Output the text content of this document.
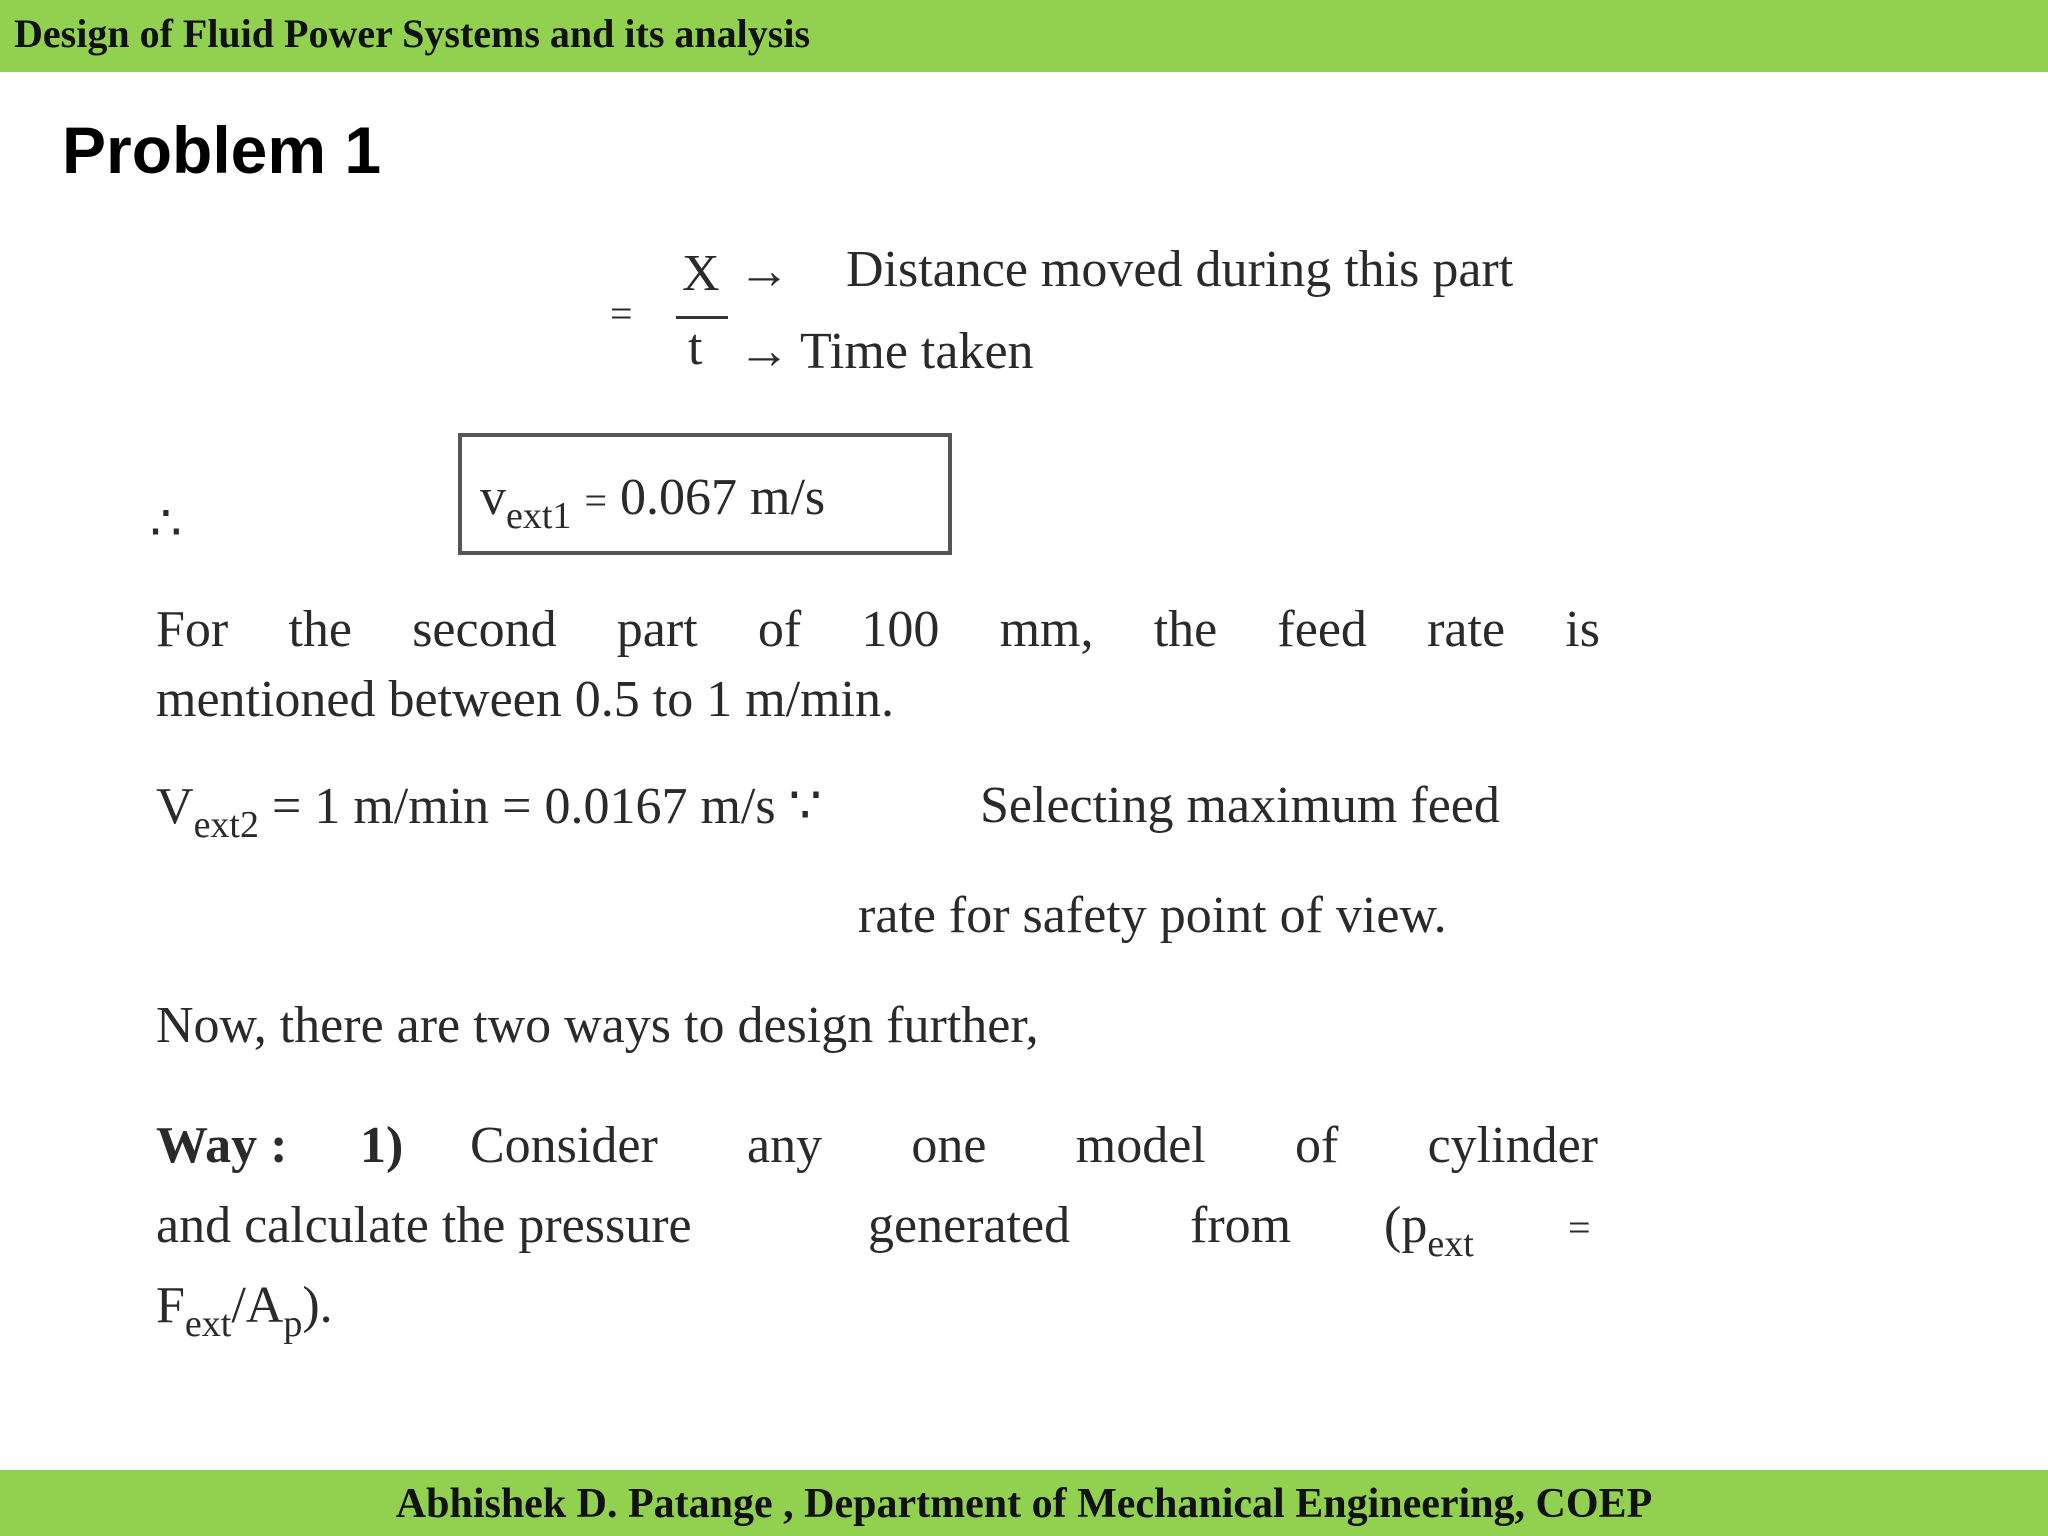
Design of Fluid Power Systems and its analysis
Problem 1
=
X
t
→ Distance moved during this part
→ Time taken
∴	$v_{ext1} = 0.067$ m/s
For the second part of 100 mm, the feed rate is
mentioned between 0.5 to 1 m/min.
$V_{ext2} = 1$ m/min = 0.0167 m/s ∵	Selecting maximum feed
rate for safety point of view.
Now, there are two ways to design further,
Way : 1) Consider any one model of cylinder
and calculate the pressure	generated from ($p_{ext}$ =
$F_{ext}/A_p$).
Abhishek D. Patange , Department of Mechanical Engineering, COEP
